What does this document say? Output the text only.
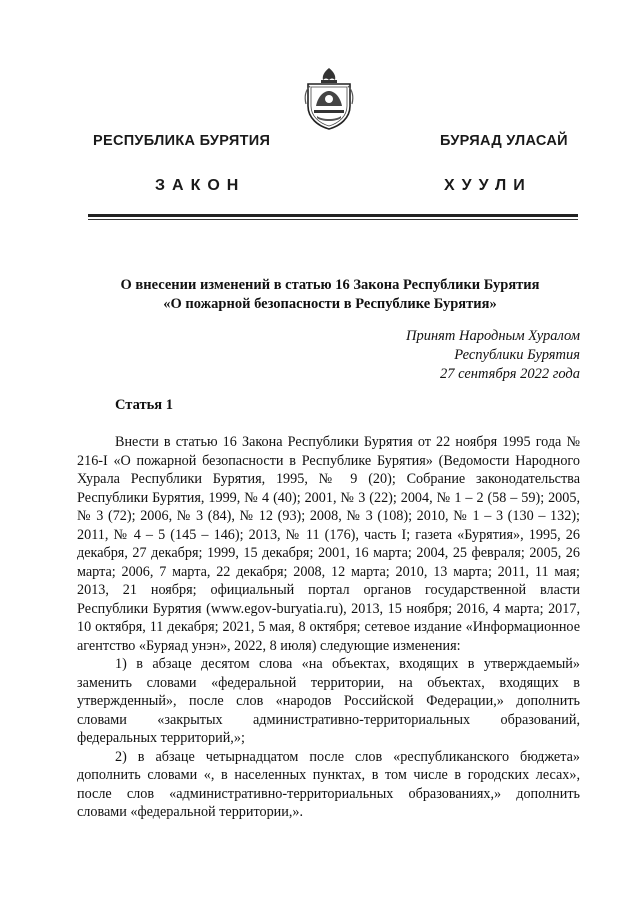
РЕСПУБЛИКА БУРЯТИЯ	БУРЯАД УЛАСАЙ
ЗАКОН	ХУУЛИ
О внесении изменений в статью 16 Закона Республики Бурятия
«О пожарной безопасности в Республике Бурятия»
Принят Народным Хуралом
Республики Бурятия
27 сентября 2022 года
Статья 1

Внести в статью 16 Закона Республики Бурятия от 22 ноября 1995 года № 216-I «О пожарной безопасности в Республике Бурятия» (Ведомости Народного Хурала Республики Бурятия, 1995, № 9 (20); Собрание законодательства Республики Бурятия, 1999, № 4 (40); 2001, № 3 (22); 2004, № 1 – 2 (58 – 59); 2005, № 3 (72); 2006, № 3 (84), № 12 (93); 2008, № 3 (108); 2010, № 1 – 3 (130 – 132); 2011, № 4 – 5 (145 – 146); 2013, № 11 (176), часть I; газета «Бурятия», 1995, 26 декабря, 27 декабря; 1999, 15 декабря; 2001, 16 марта; 2004, 25 февраля; 2005, 26 марта; 2006, 7 марта, 22 декабря; 2008, 12 марта; 2010, 13 марта; 2011, 11 мая; 2013, 21 ноября; официальный портал органов государственной власти Республики Бурятия (www.egov-buryatia.ru), 2013, 15 ноября; 2016, 4 марта; 2017, 10 октября, 11 декабря; 2021, 5 мая, 8 октября; сетевое издание «Информационное агентство «Буряад унэн», 2022, 8 июля) следующие изменения:

1) в абзаце десятом слова «на объектах, входящих в утверждаемый» заменить словами «федеральной территории, на объектах, входящих в утвержденный», после слов «народов Российской Федерации,» дополнить словами «закрытых административно-территориальных образований, федеральных территорий,»;

2) в абзаце четырнадцатом после слов «республиканского бюджета» дополнить словами «, в населенных пунктах, в том числе в городских лесах», после слов «административно-территориальных образованиях,» дополнить словами «федеральной территории,».
